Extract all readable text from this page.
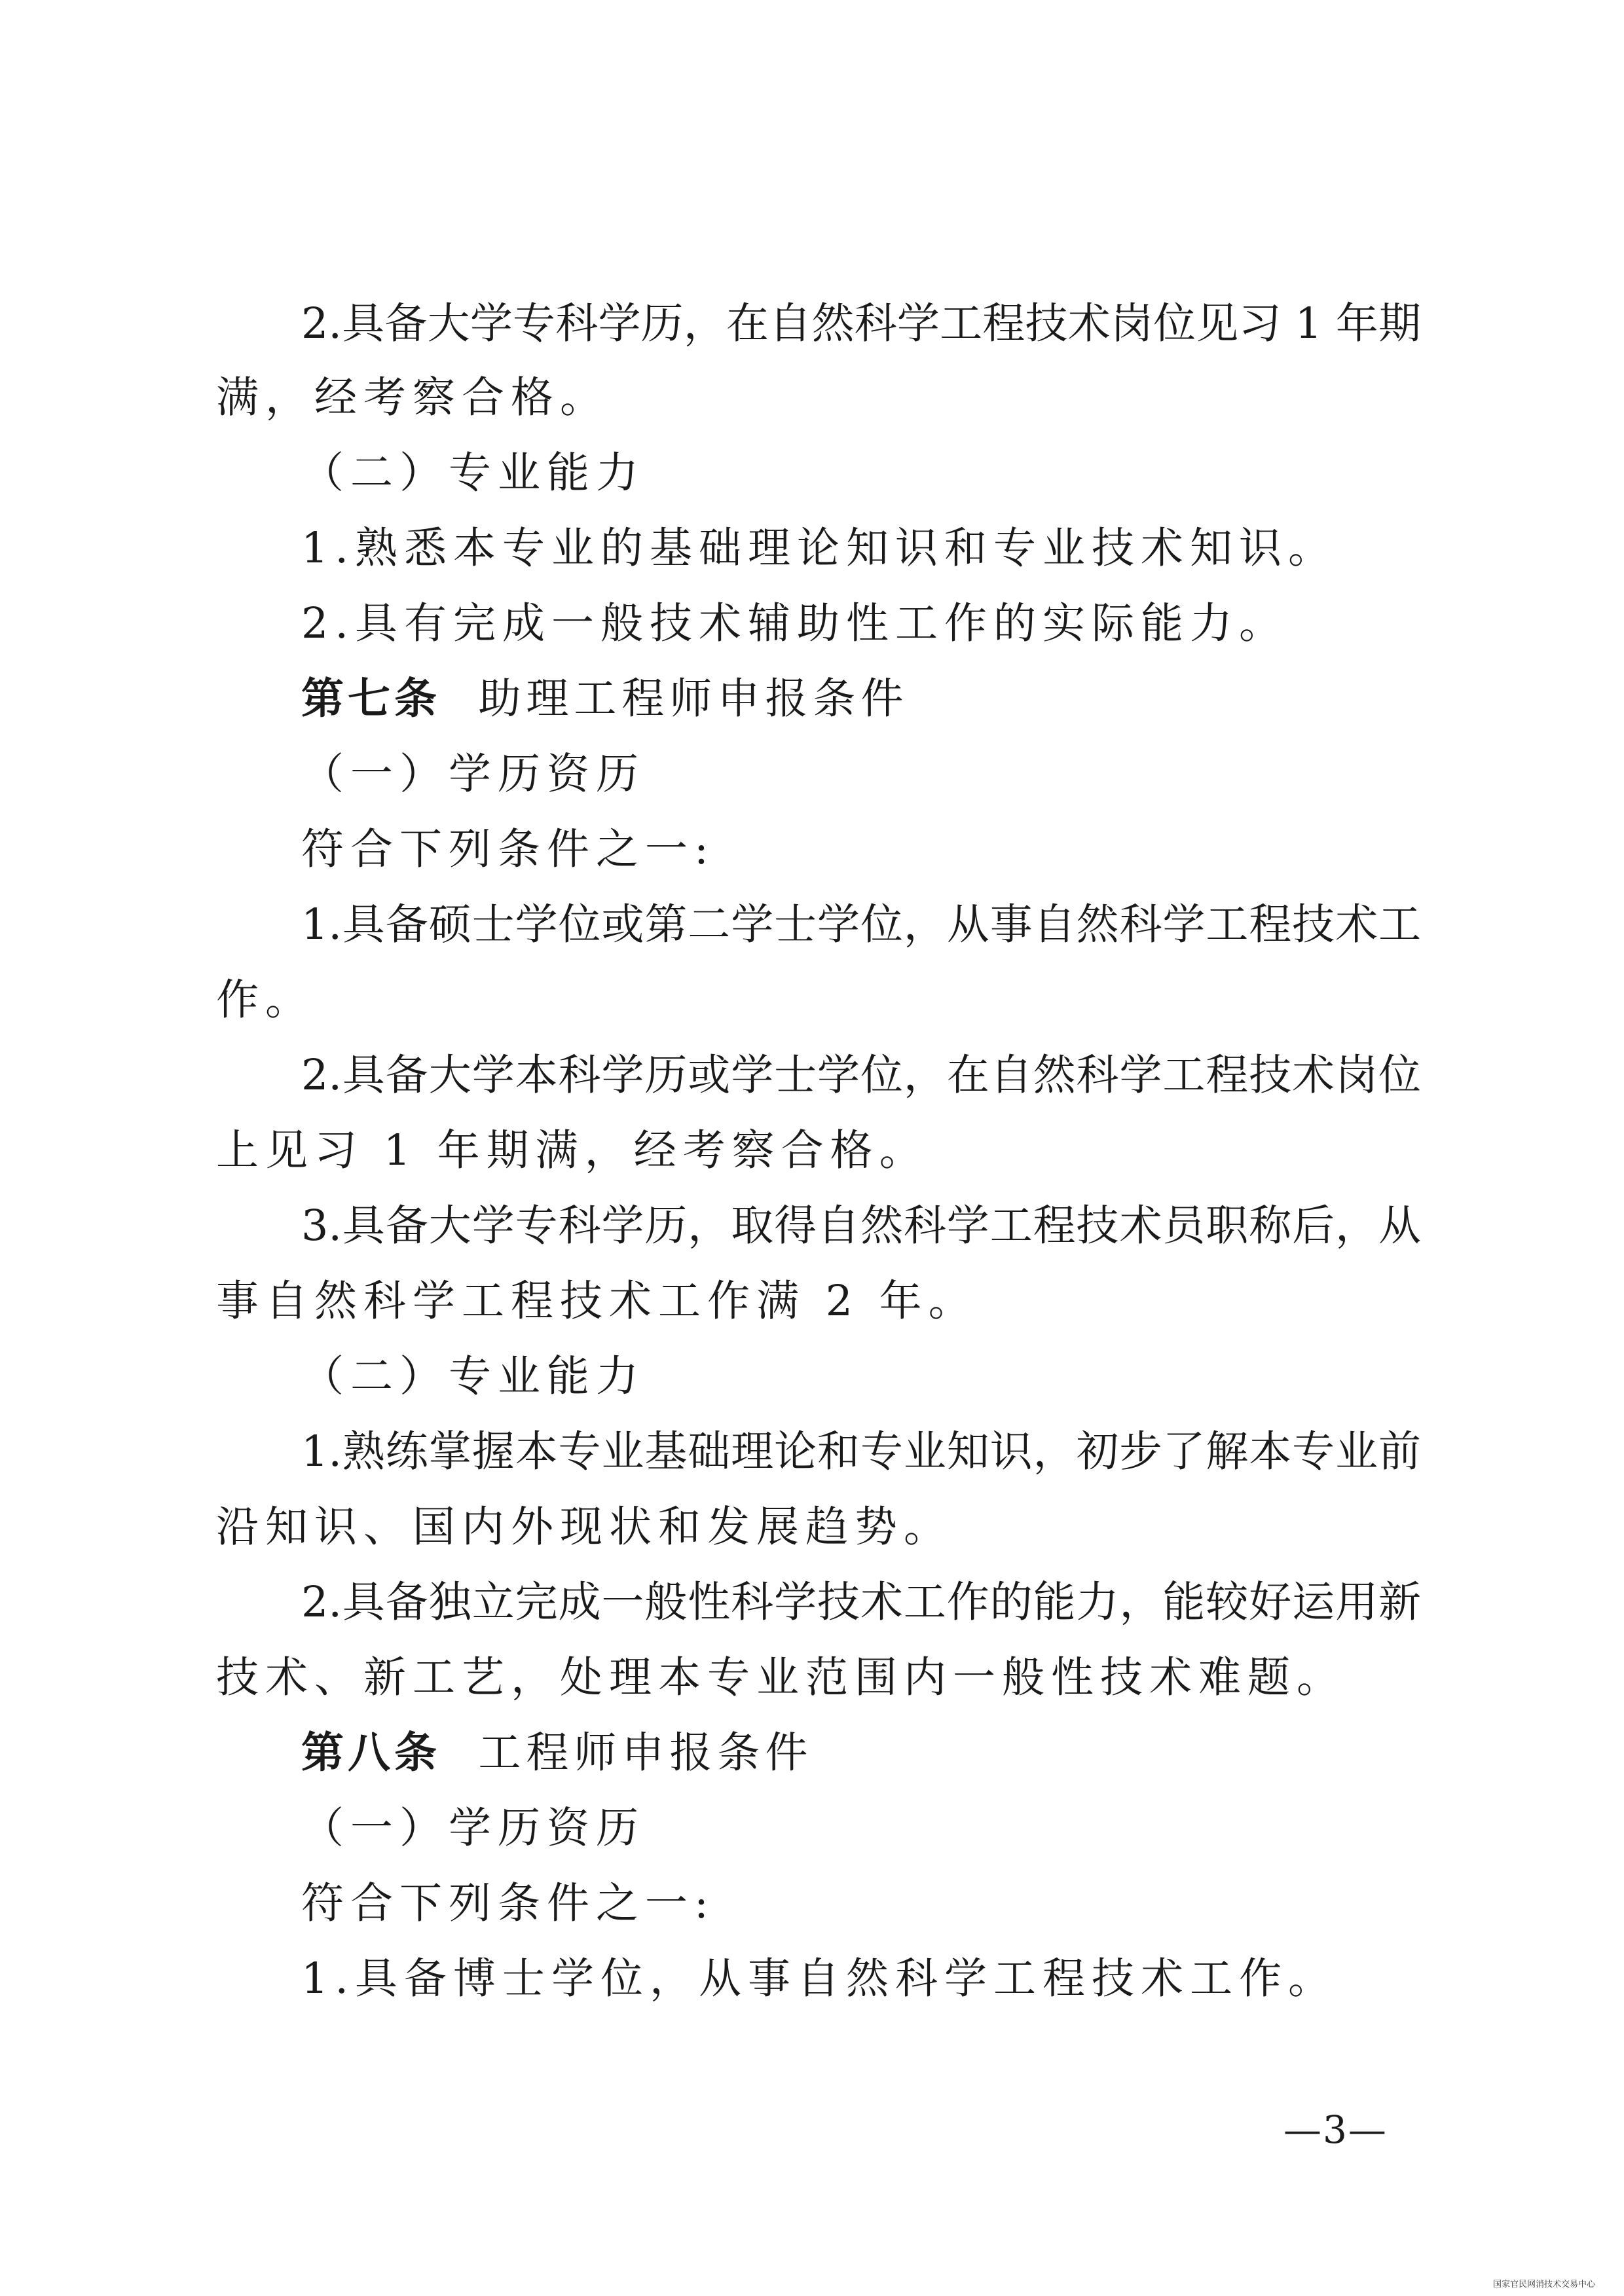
2.具备大学专科学历，在自然科学工程技术岗位见习 1 年期
满，经考察合格。
（二）专业能力
1.熟悉本专业的基础理论知识和专业技术知识。
2.具有完成一般技术辅助性工作的实际能力。
第七条 助理工程师申报条件
（一）学历资历
符合下列条件之一:
1.具备硕士学位或第二学士学位，从事自然科学工程技术工
作。
2.具备大学本科学历或学士学位，在自然科学工程技术岗位
上见习 1 年期满，经考察合格。
3.具备大学专科学历，取得自然科学工程技术员职称后，从
事自然科学工程技术工作满 2 年。
（二）专业能力
1.熟练掌握本专业基础理论和专业知识，初步了解本专业前
沿知识、国内外现状和发展趋势。
2.具备独立完成一般性科学技术工作的能力，能较好运用新
技术、新工艺，处理本专业范围内一般性技术难题。
第八条 工程师申报条件
（一）学历资历
符合下列条件之一:
1.具备博士学位，从事自然科学工程技术工作。
—3—
国家官民网消技术交易中心
